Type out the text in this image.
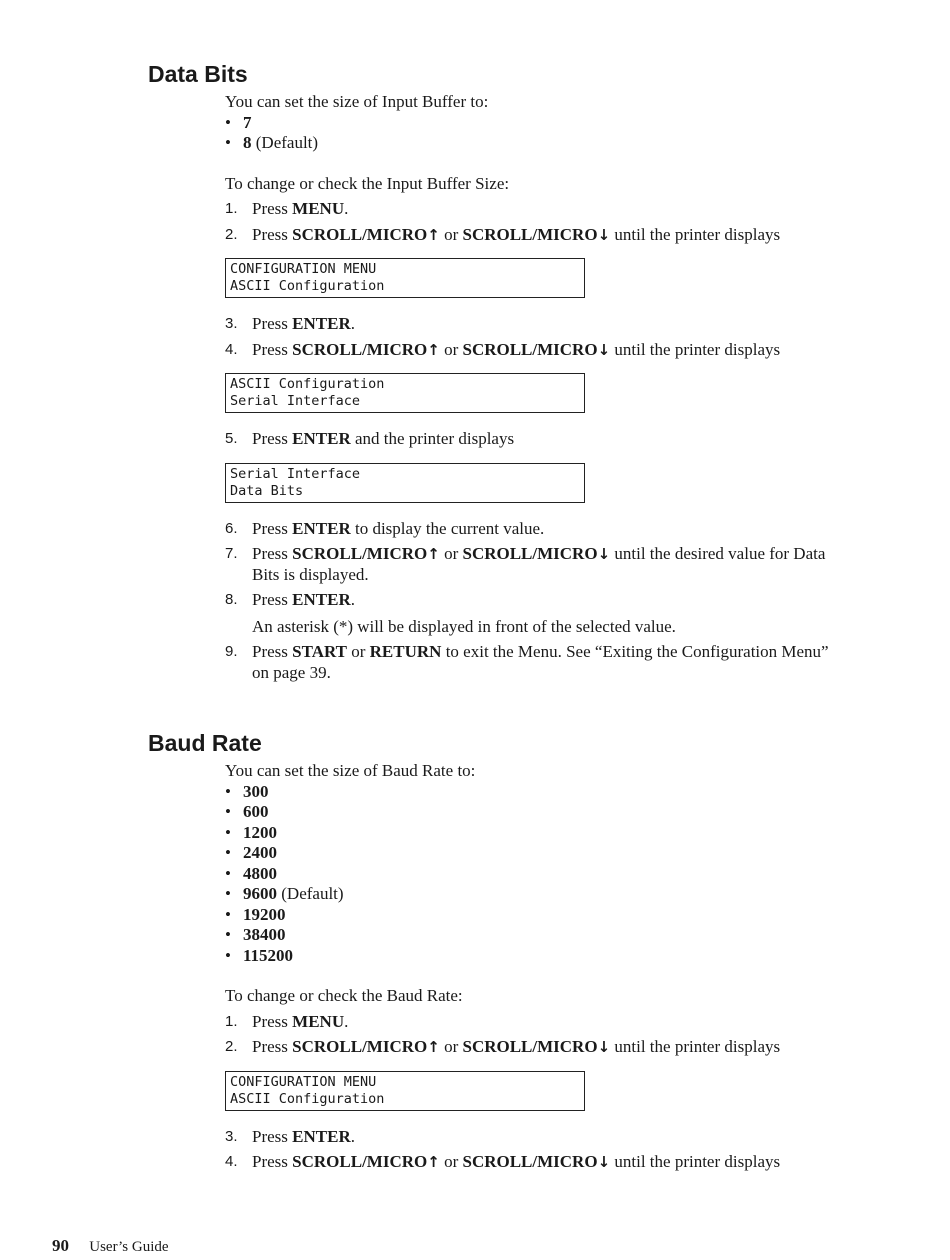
Data Bits
You can set the size of Input Buffer to:
• 7
• 8 (Default)
To change or check the Input Buffer Size:
1. Press MENU.
2. Press SCROLL/MICRO↑ or SCROLL/MICRO↓ until the printer displays
CONFIGURATION MENU
ASCII Configuration
3. Press ENTER.
4. Press SCROLL/MICRO↑ or SCROLL/MICRO↓ until the printer displays
ASCII Configuration
Serial Interface
5. Press ENTER and the printer displays
Serial Interface
Data Bits
6. Press ENTER to display the current value.
7. Press SCROLL/MICRO↑ or SCROLL/MICRO↓ until the desired value for Data Bits is displayed.
8. Press ENTER.
An asterisk (*) will be displayed in front of the selected value.
9. Press START or RETURN to exit the Menu. See “Exiting the Configuration Menu” on page 39.
Baud Rate
You can set the size of Baud Rate to:
• 300
• 600
• 1200
• 2400
• 4800
• 9600 (Default)
• 19200
• 38400
• 115200
To change or check the Baud Rate:
1. Press MENU.
2. Press SCROLL/MICRO↑ or SCROLL/MICRO↓ until the printer displays
CONFIGURATION MENU
ASCII Configuration
3. Press ENTER.
4. Press SCROLL/MICRO↑ or SCROLL/MICRO↓ until the printer displays
90 User’s Guide
